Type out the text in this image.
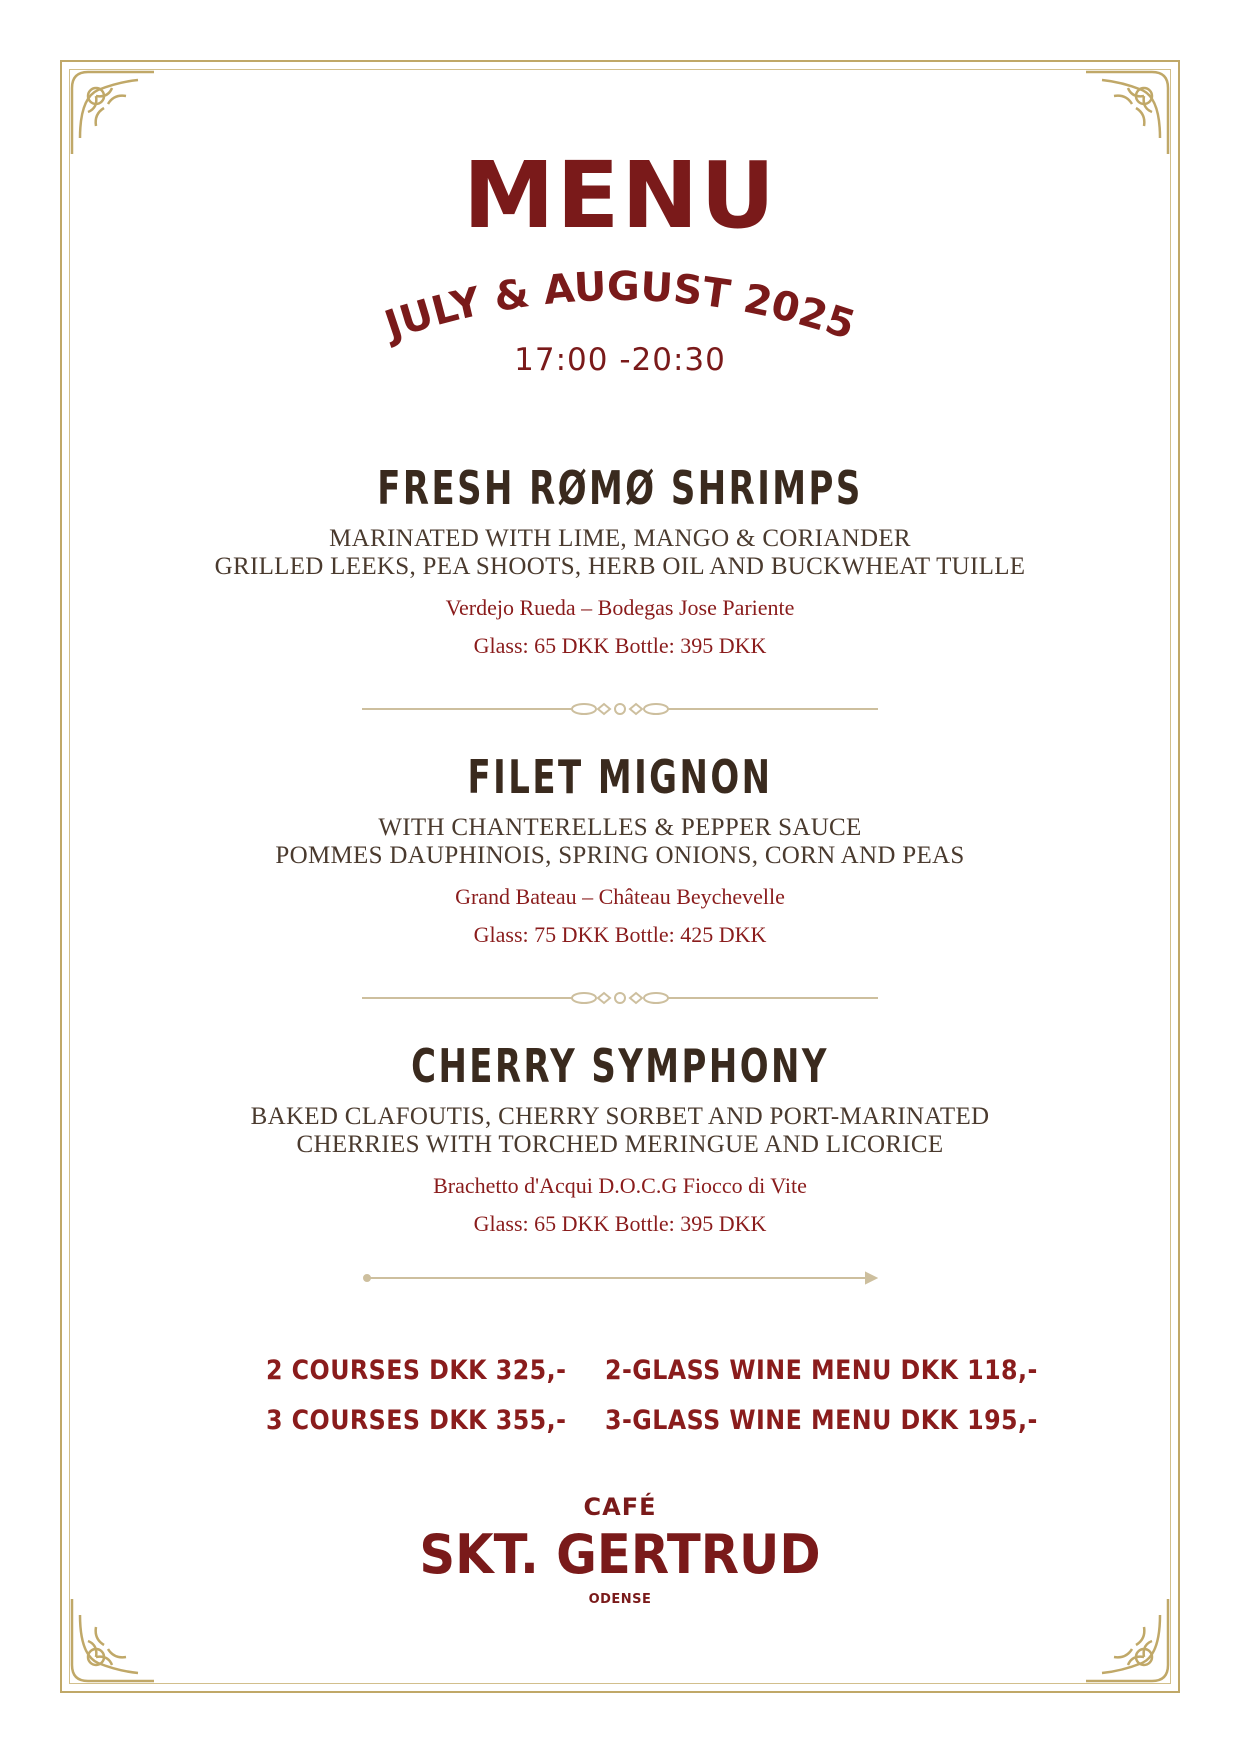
MENU
JULY & AUGUST 2025
17:00 -20:30
FRESH RØMØ SHRIMPS
MARINATED WITH LIME, MANGO & CORIANDER
GRILLED LEEKS, PEA SHOOTS, HERB OIL AND BUCKWHEAT TUILLE
Verdejo Rueda – Bodegas Jose Pariente
Glass: 65 DKK Bottle: 395 DKK
FILET MIGNON
WITH CHANTERELLES & PEPPER SAUCE
POMMES DAUPHINOIS, SPRING ONIONS, CORN AND PEAS
Grand Bateau – Château Beychevelle
Glass: 75 DKK Bottle: 425 DKK
CHERRY SYMPHONY
BAKED CLAFOUTIS, CHERRY SORBET AND PORT-MARINATED
CHERRIES WITH TORCHED MERINGUE AND LICORICE
Brachetto d'Acqui D.O.C.G Fiocco di Vite
Glass: 65 DKK Bottle: 395 DKK
2 COURSES DKK 325,-
3 COURSES DKK 355,-
2-GLASS WINE MENU DKK 118,-
3-GLASS WINE MENU DKK 195,-
CAFÉ
SKT. GERTRUD
ODENSE
